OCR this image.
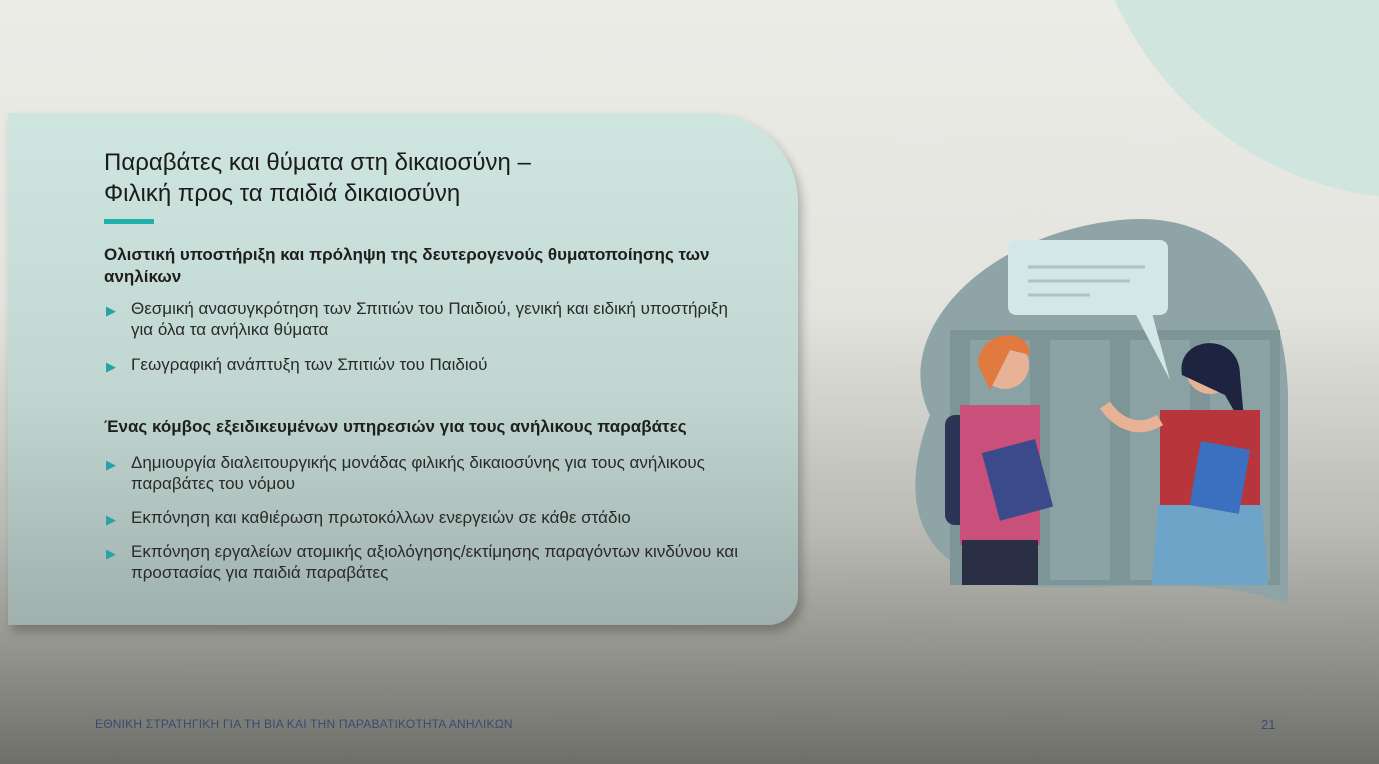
Παραβάτες και θύματα στη δικαιοσύνη –
Φιλική προς τα παιδιά δικαιοσύνη
Ολιστική υποστήριξη και πρόληψη της δευτερογενούς θυματοποίησης των ανηλίκων
▶ Θεσμική ανασυγκρότηση των Σπιτιών του Παιδιού, γενική και ειδική υποστήριξη για όλα τα ανήλικα θύματα
▶ Γεωγραφική ανάπτυξη των Σπιτιών του Παιδιού
Ένας κόμβος εξειδικευμένων υπηρεσιών για τους ανήλικους παραβάτες
▶ Δημιουργία διαλειτουργικής μονάδας φιλικής δικαιοσύνης για τους ανήλικους παραβάτες του νόμου
▶ Εκπόνηση και καθιέρωση πρωτοκόλλων ενεργειών σε κάθε στάδιο
▶ Εκπόνηση εργαλείων ατομικής αξιολόγησης/εκτίμησης παραγόντων κινδύνου και προστασίας για παιδιά παραβάτες
ΕΘΝΙΚΗ ΣΤΡΑΤΗΓΙΚΗ ΓΙΑ ΤΗ ΒΙΑ ΚΑΙ ΤΗΝ ΠΑΡΑΒΑΤΙΚΟΤΗΤΑ ΑΝΗΛΙΚΩΝ	21
